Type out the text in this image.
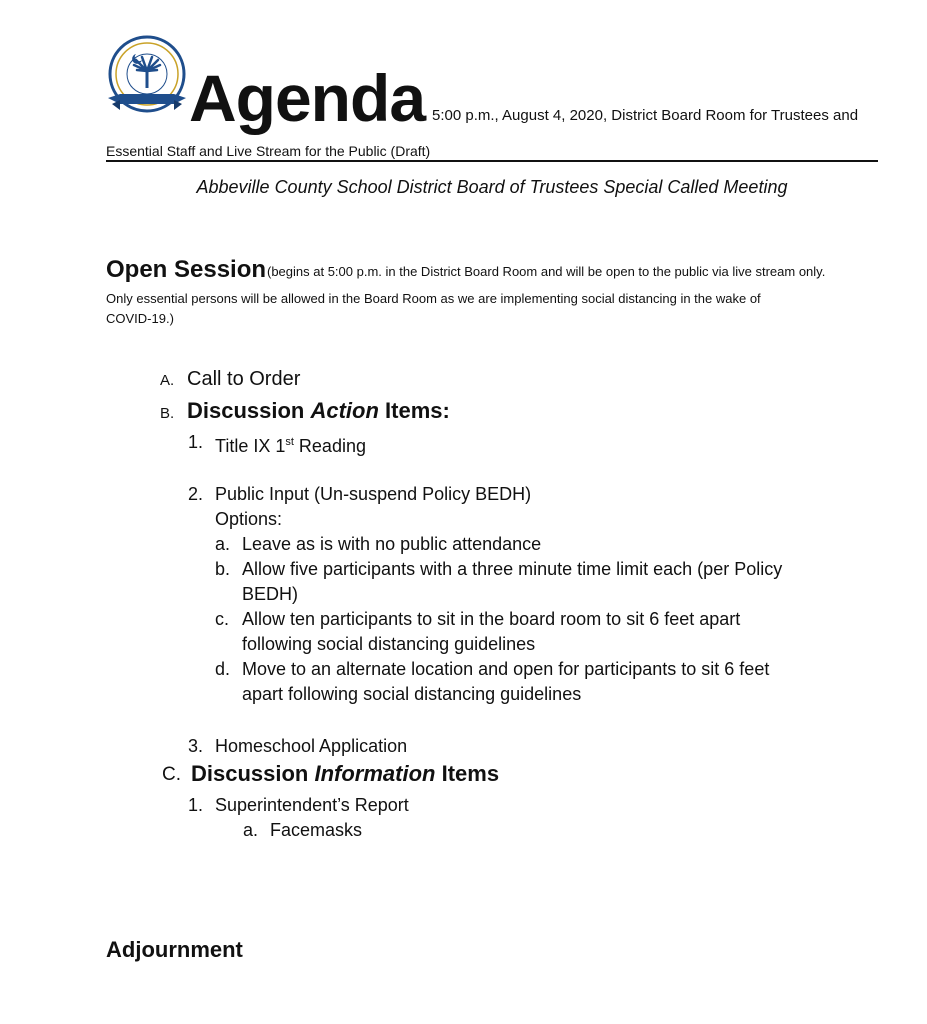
Agenda 5:00 p.m., August 4, 2020, District Board Room for Trustees and
Essential Staff and Live Stream for the Public (Draft)
Abbeville County School District Board of Trustees Special Called Meeting
Open Session (begins at 5:00 p.m. in the District Board Room and will be open to the public via live stream only.
Only essential persons will be allowed in the Board Room as we are implementing social distancing in the wake of
COVID-19.)
A. Call to Order
B. Discussion Action Items:
1. Title IX 1st Reading
2. Public Input (Un-suspend Policy BEDH)
Options:
a. Leave as is with no public attendance
b. Allow five participants with a three minute time limit each (per Policy
BEDH)
c. Allow ten participants to sit in the board room to sit 6 feet apart
following social distancing guidelines
d. Move to an alternate location and open for participants to sit 6 feet
apart following social distancing guidelines
3. Homeschool Application
C. Discussion Information Items
1. Superintendent’s Report
a. Facemasks
Adjournment
